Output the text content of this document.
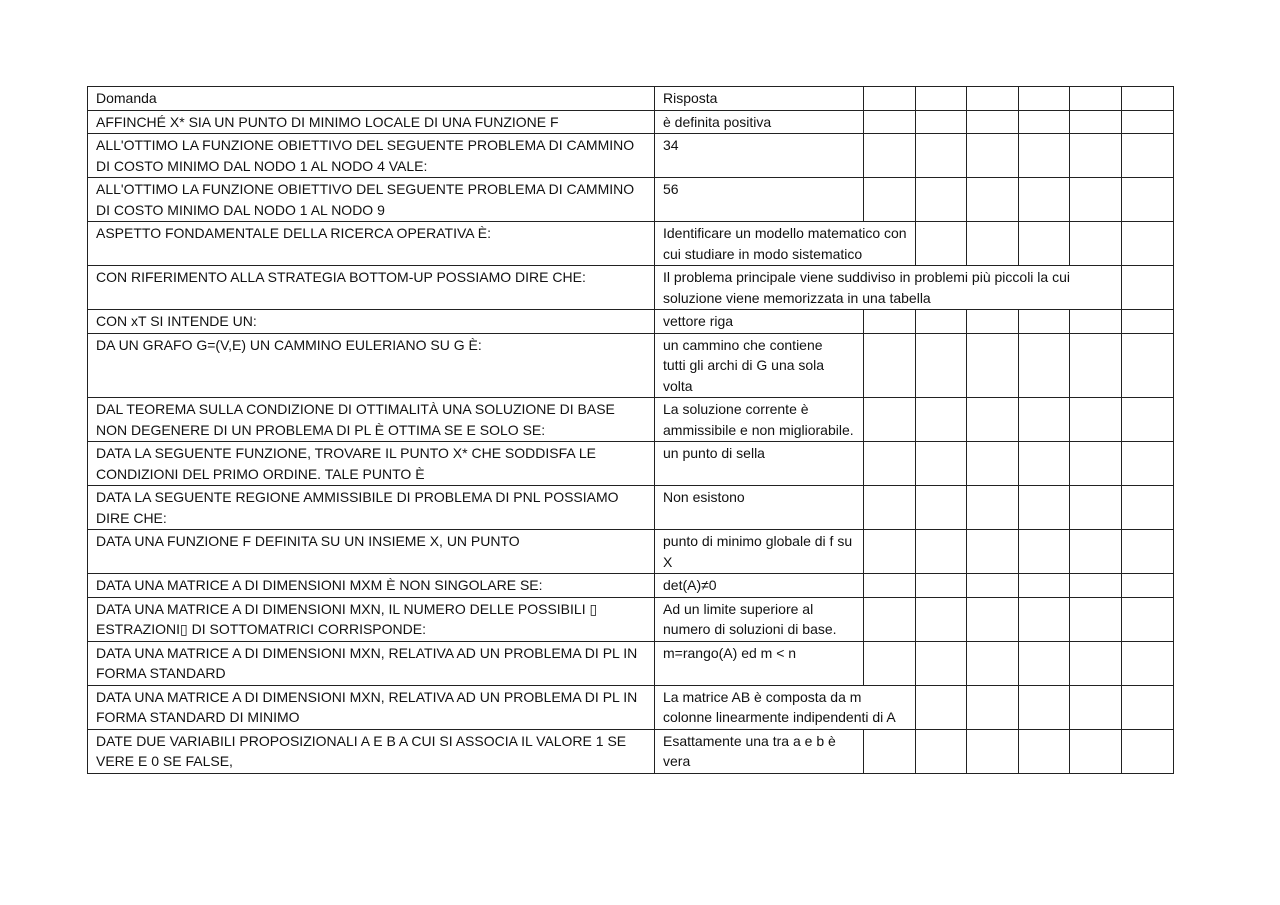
Domanda	Risposta							
AFFINCHÉ X* SIA UN PUNTO DI MINIMO LOCALE DI UNA FUNZIONE F	è definita positiva							
ALL'OTTIMO LA FUNZIONE OBIETTIVO DEL SEGUENTE PROBLEMA DI CAMMINO DI COSTO MINIMO DAL NODO 1 AL NODO 4 VALE:	34							
ALL'OTTIMO LA FUNZIONE OBIETTIVO DEL SEGUENTE PROBLEMA DI CAMMINO DI COSTO MINIMO DAL NODO 1 AL NODO 9	56							
ASPETTO FONDAMENTALE DELLA RICERCA OPERATIVA È:	Identificare un modello matematico con cui studiare in modo sistematico							
CON RIFERIMENTO ALLA STRATEGIA BOTTOM-UP POSSIAMO DIRE CHE:	Il problema principale viene suddiviso in problemi più piccoli la cui soluzione viene memorizzata in una tabella							
CON xT SI INTENDE UN:	vettore riga							
DA UN GRAFO G=(V,E) UN CAMMINO EULERIANO SU G È:	un cammino che contiene tutti gli archi di G una sola volta							
DAL TEOREMA SULLA CONDIZIONE DI OTTIMALITÀ UNA SOLUZIONE DI BASE NON DEGENERE DI UN PROBLEMA DI PL È OTTIMA SE E SOLO SE:	La soluzione corrente è ammissibile e non migliorabile.							
DATA LA SEGUENTE FUNZIONE, TROVARE IL PUNTO X* CHE SODDISFA LE CONDIZIONI DEL PRIMO ORDINE. TALE PUNTO È	un punto di sella							
DATA LA SEGUENTE REGIONE AMMISSIBILE DI PROBLEMA DI PNL POSSIAMO DIRE CHE:	Non esistono							
DATA UNA FUNZIONE F DEFINITA SU UN INSIEME X, UN PUNTO	punto di minimo globale di f su X							
DATA UNA MATRICE A DI DIMENSIONI MXM È NON SINGOLARE SE:	det(A)≠0							
DATA UNA MATRICE A DI DIMENSIONI MXN, IL NUMERO DELLE POSSIBILI ▯ ESTRAZIONI▯ DI SOTTOMATRICI CORRISPONDE:	Ad un limite superiore al numero di soluzioni di base.							
DATA UNA MATRICE A DI DIMENSIONI MXN, RELATIVA AD UN PROBLEMA DI PL IN FORMA STANDARD	m=rango(A) ed m < n							
DATA UNA MATRICE A DI DIMENSIONI MXN, RELATIVA AD UN PROBLEMA DI PL IN FORMA STANDARD DI MINIMO	La matrice AB è composta da m colonne linearmente indipendenti di A							
DATE DUE VARIABILI PROPOSIZIONALI A E B A CUI SI ASSOCIA IL VALORE 1 SE VERE E 0 SE FALSE,	Esattamente una tra a e b è vera							
